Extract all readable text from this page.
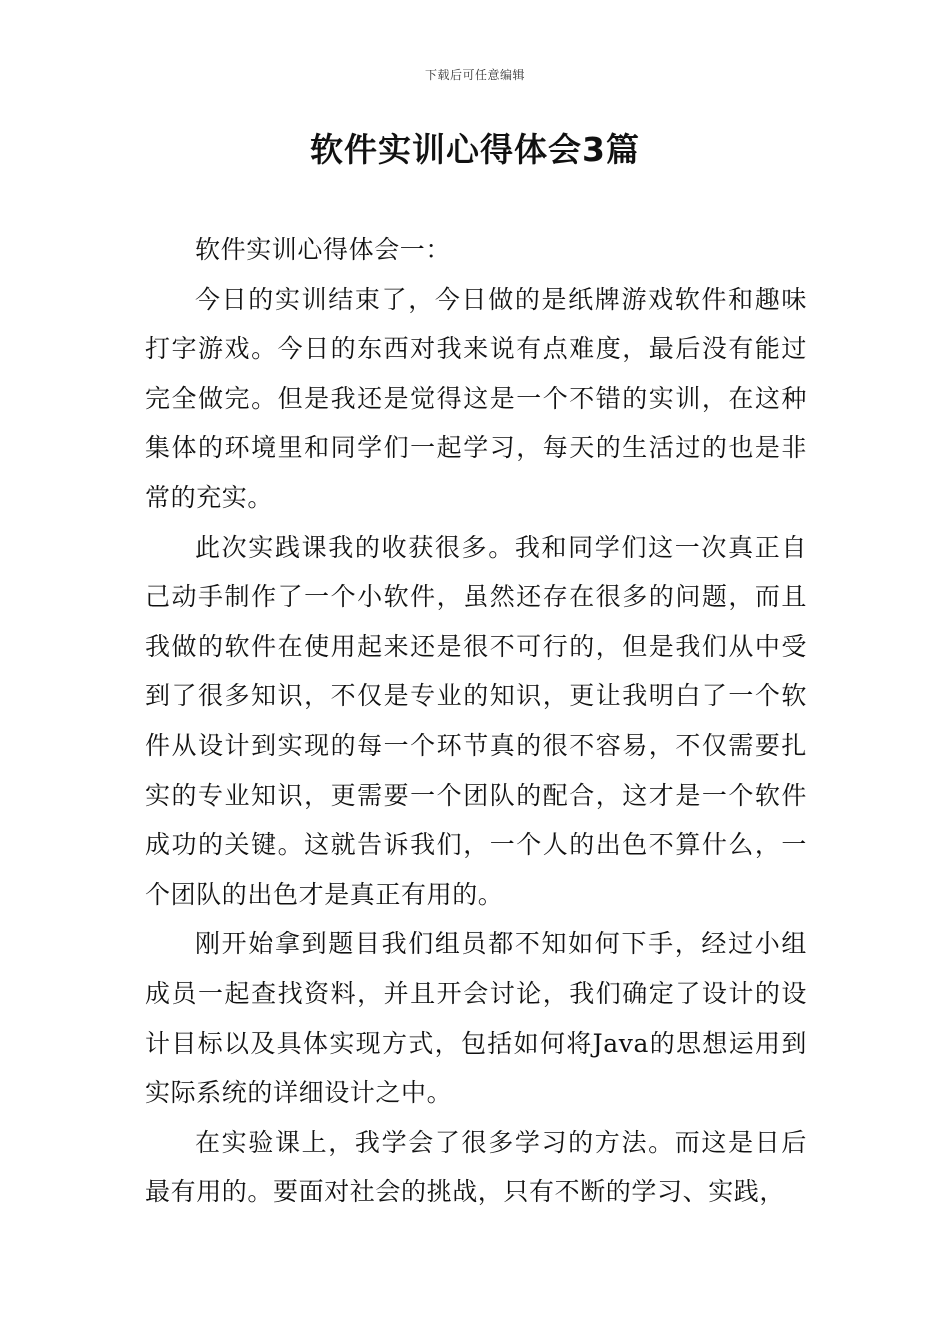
下载后可任意编辑
软件实训心得体会3篇

软件实训心得体会一：

今日的实训结束了，今日做的是纸牌游戏软件和趣味打字游戏。今日的东西对我来说有点难度，最后没有能过完全做完。但是我还是觉得这是一个不错的实训，在这种集体的环境里和同学们一起学习，每天的生活过的也是非常的充实。

此次实践课我的收获很多。我和同学们这一次真正自己动手制作了一个小软件，虽然还存在很多的问题，而且我做的软件在使用起来还是很不可行的，但是我们从中受到了很多知识，不仅是专业的知识，更让我明白了一个软件从设计到实现的每一个环节真的很不容易，不仅需要扎实的专业知识，更需要一个团队的配合，这才是一个软件成功的关键。这就告诉我们，一个人的出色不算什么，一个团队的出色才是真正有用的。

刚开始拿到题目我们组员都不知如何下手，经过小组成员一起查找资料，并且开会讨论，我们确定了设计的设计目标以及具体实现方式，包括如何将Java的思想运用到实际系统的详细设计之中。

在实验课上，我学会了很多学习的方法。而这是日后最有用的。要面对社会的挑战，只有不断的学习、实践，
